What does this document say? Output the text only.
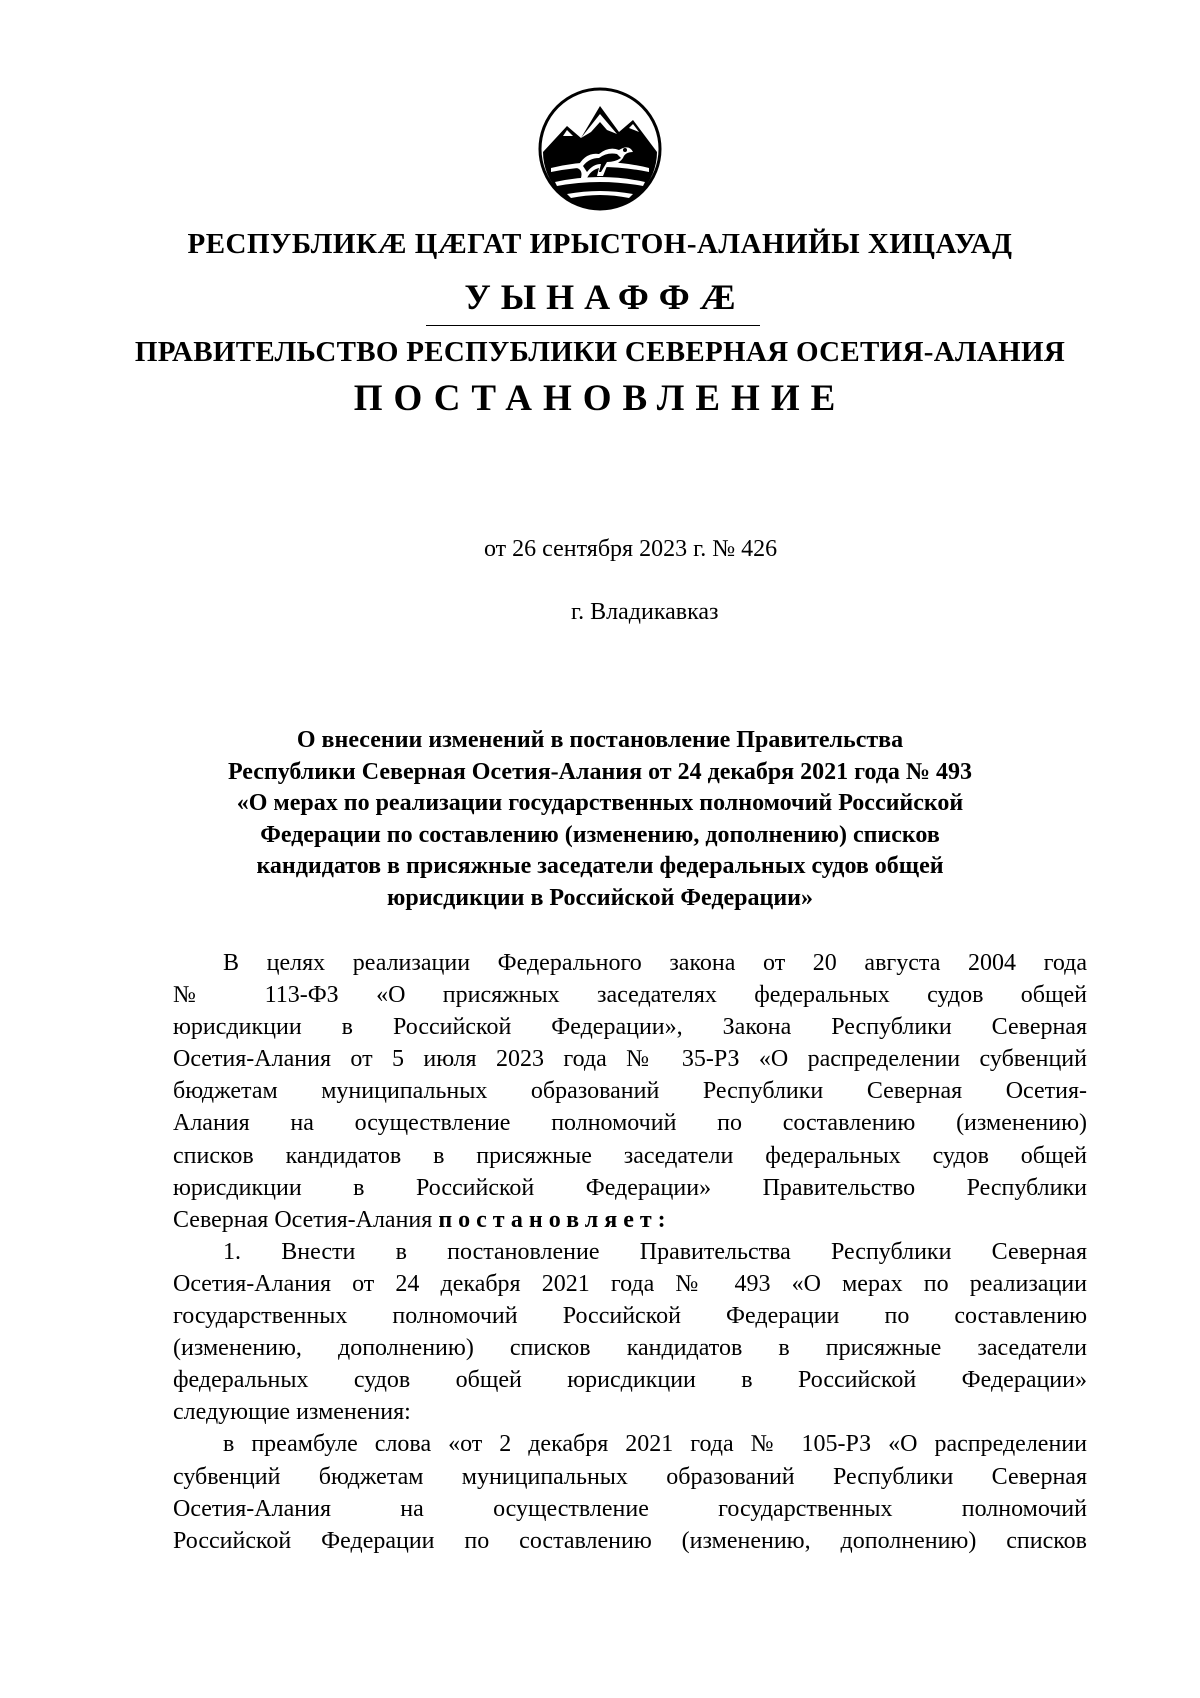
РЕСПУБЛИКӔ ЦӔГАТ ИРЫСТОН-АЛАНИЙЫ ХИЦАУАД
УЫНАФФӔ
ПРАВИТЕЛЬСТВО РЕСПУБЛИКИ СЕВЕРНАЯ ОСЕТИЯ-АЛАНИЯ
ПОСТАНОВЛЕНИЕ
от 26 сентября 2023 г. № 426
г. Владикавказ
О внесении изменений в постановление Правительства
Республики Северная Осетия-Алания от 24 декабря 2021 года № 493
«О мерах по реализации государственных полномочий Российской
Федерации по составлению (изменению, дополнению) списков
кандидатов в присяжные заседатели федеральных судов общей
юрисдикции в Российской Федерации»
В целях реализации Федерального закона от 20 августа 2004 года
№ 113-ФЗ «О присяжных заседателях федеральных судов общей
юрисдикции в Российской Федерации», Закона Республики Северная
Осетия-Алания от 5 июля 2023 года № 35-РЗ «О распределении субвенций
бюджетам муниципальных образований Республики Северная Осетия-
Алания на осуществление полномочий по составлению (изменению)
списков кандидатов в присяжные заседатели федеральных судов общей
юрисдикции в Российской Федерации» Правительство Республики
Северная Осетия-Алания постановляет:
1. Внести в постановление Правительства Республики Северная
Осетия-Алания от 24 декабря 2021 года № 493 «О мерах по реализации
государственных полномочий Российской Федерации по составлению
(изменению, дополнению) списков кандидатов в присяжные заседатели
федеральных судов общей юрисдикции в Российской Федерации»
следующие изменения:
в преамбуле слова «от 2 декабря 2021 года № 105-РЗ «О распределении
субвенций бюджетам муниципальных образований Республики Северная
Осетия-Алания на осуществление государственных полномочий
Российской Федерации по составлению (изменению, дополнению) списков
